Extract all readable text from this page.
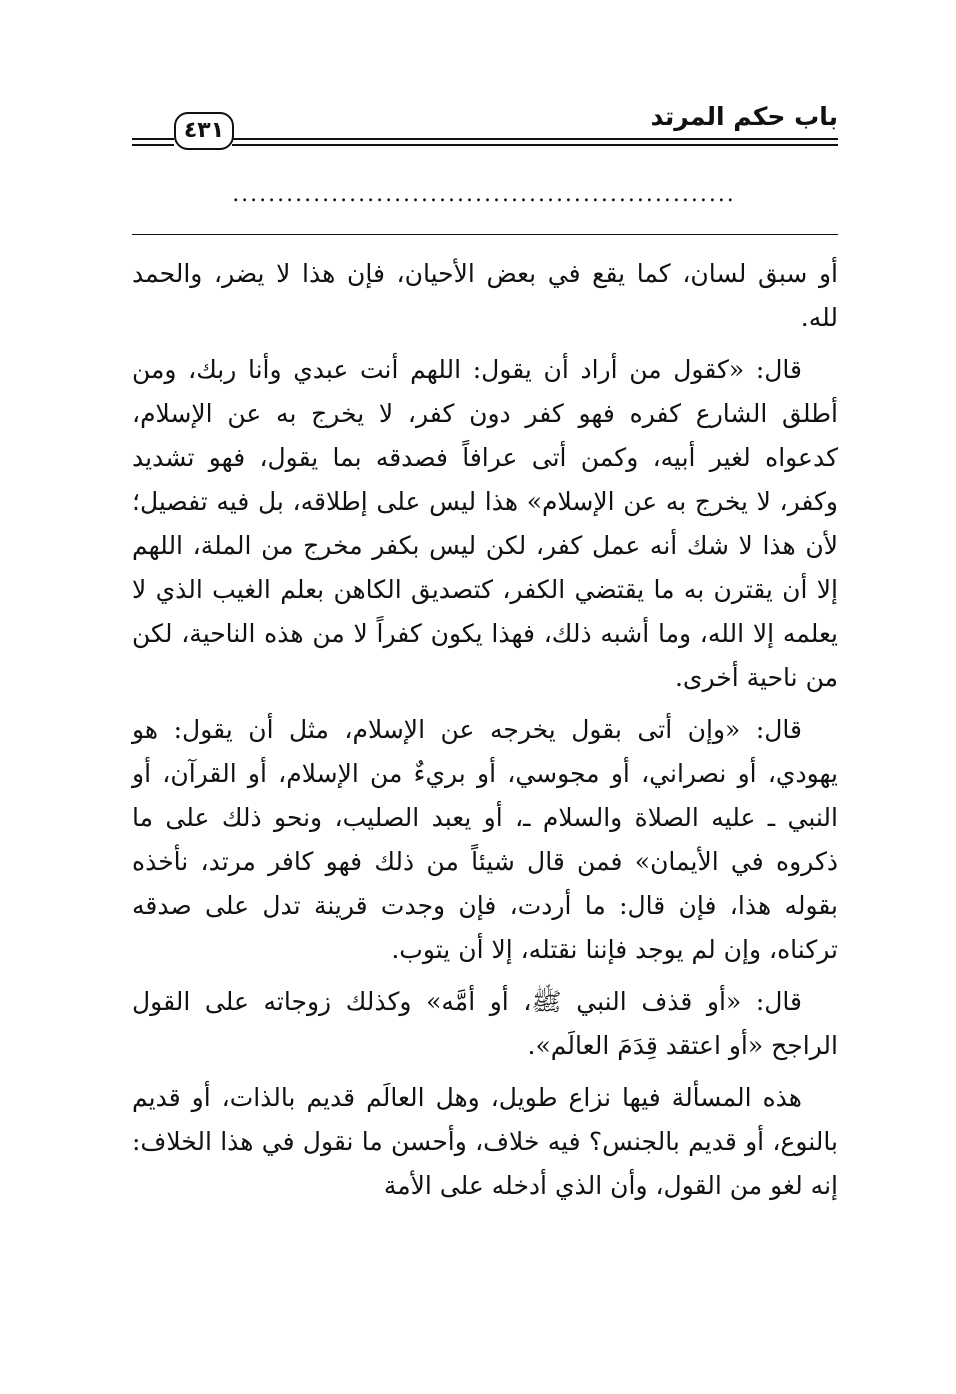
باب حكم المرتد
٤٣١
........................................................

أو سبق لسان، كما يقع في بعض الأحيان، فإن هذا لا يضر، والحمد لله.

قال: «كقول من أراد أن يقول: اللهم أنت عبدي وأنا ربك، ومن أطلق الشارع كفره فهو كفر دون كفر، لا يخرج به عن الإسلام، كدعواه لغير أبيه، وكمن أتى عرافاً فصدقه بما يقول، فهو تشديد وكفر، لا يخرج به عن الإسلام» هذا ليس على إطلاقه، بل فيه تفصيل؛ لأن هذا لا شك أنه عمل كفر، لكن ليس بكفر مخرج من الملة، اللهم إلا أن يقترن به ما يقتضي الكفر، كتصديق الكاهن بعلم الغيب الذي لا يعلمه إلا الله، وما أشبه ذلك، فهذا يكون كفراً لا من هذه الناحية، لكن من ناحية أخرى.

قال: «وإن أتى بقول يخرجه عن الإسلام، مثل أن يقول: هو يهودي، أو نصراني، أو مجوسي، أو بريءٌ من الإسلام، أو القرآن، أو النبي ـ عليه الصلاة والسلام ـ، أو يعبد الصليب، ونحو ذلك على ما ذكروه في الأيمان» فمن قال شيئاً من ذلك فهو كافر مرتد، نأخذه بقوله هذا، فإن قال: ما أردت، فإن وجدت قرينة تدل على صدقه تركناه، وإن لم يوجد فإننا نقتله، إلا أن يتوب.

قال: «أو قذف النبي ﷺ، أو أمَّه» وكذلك زوجاته على القول الراجح «أو اعتقد قِدَمَ العالَم».

هذه المسألة فيها نزاع طويل، وهل العالَم قديم بالذات، أو قديم بالنوع، أو قديم بالجنس؟ فيه خلاف، وأحسن ما نقول في هذا الخلاف: إنه لغو من القول، وأن الذي أدخله على الأمة
